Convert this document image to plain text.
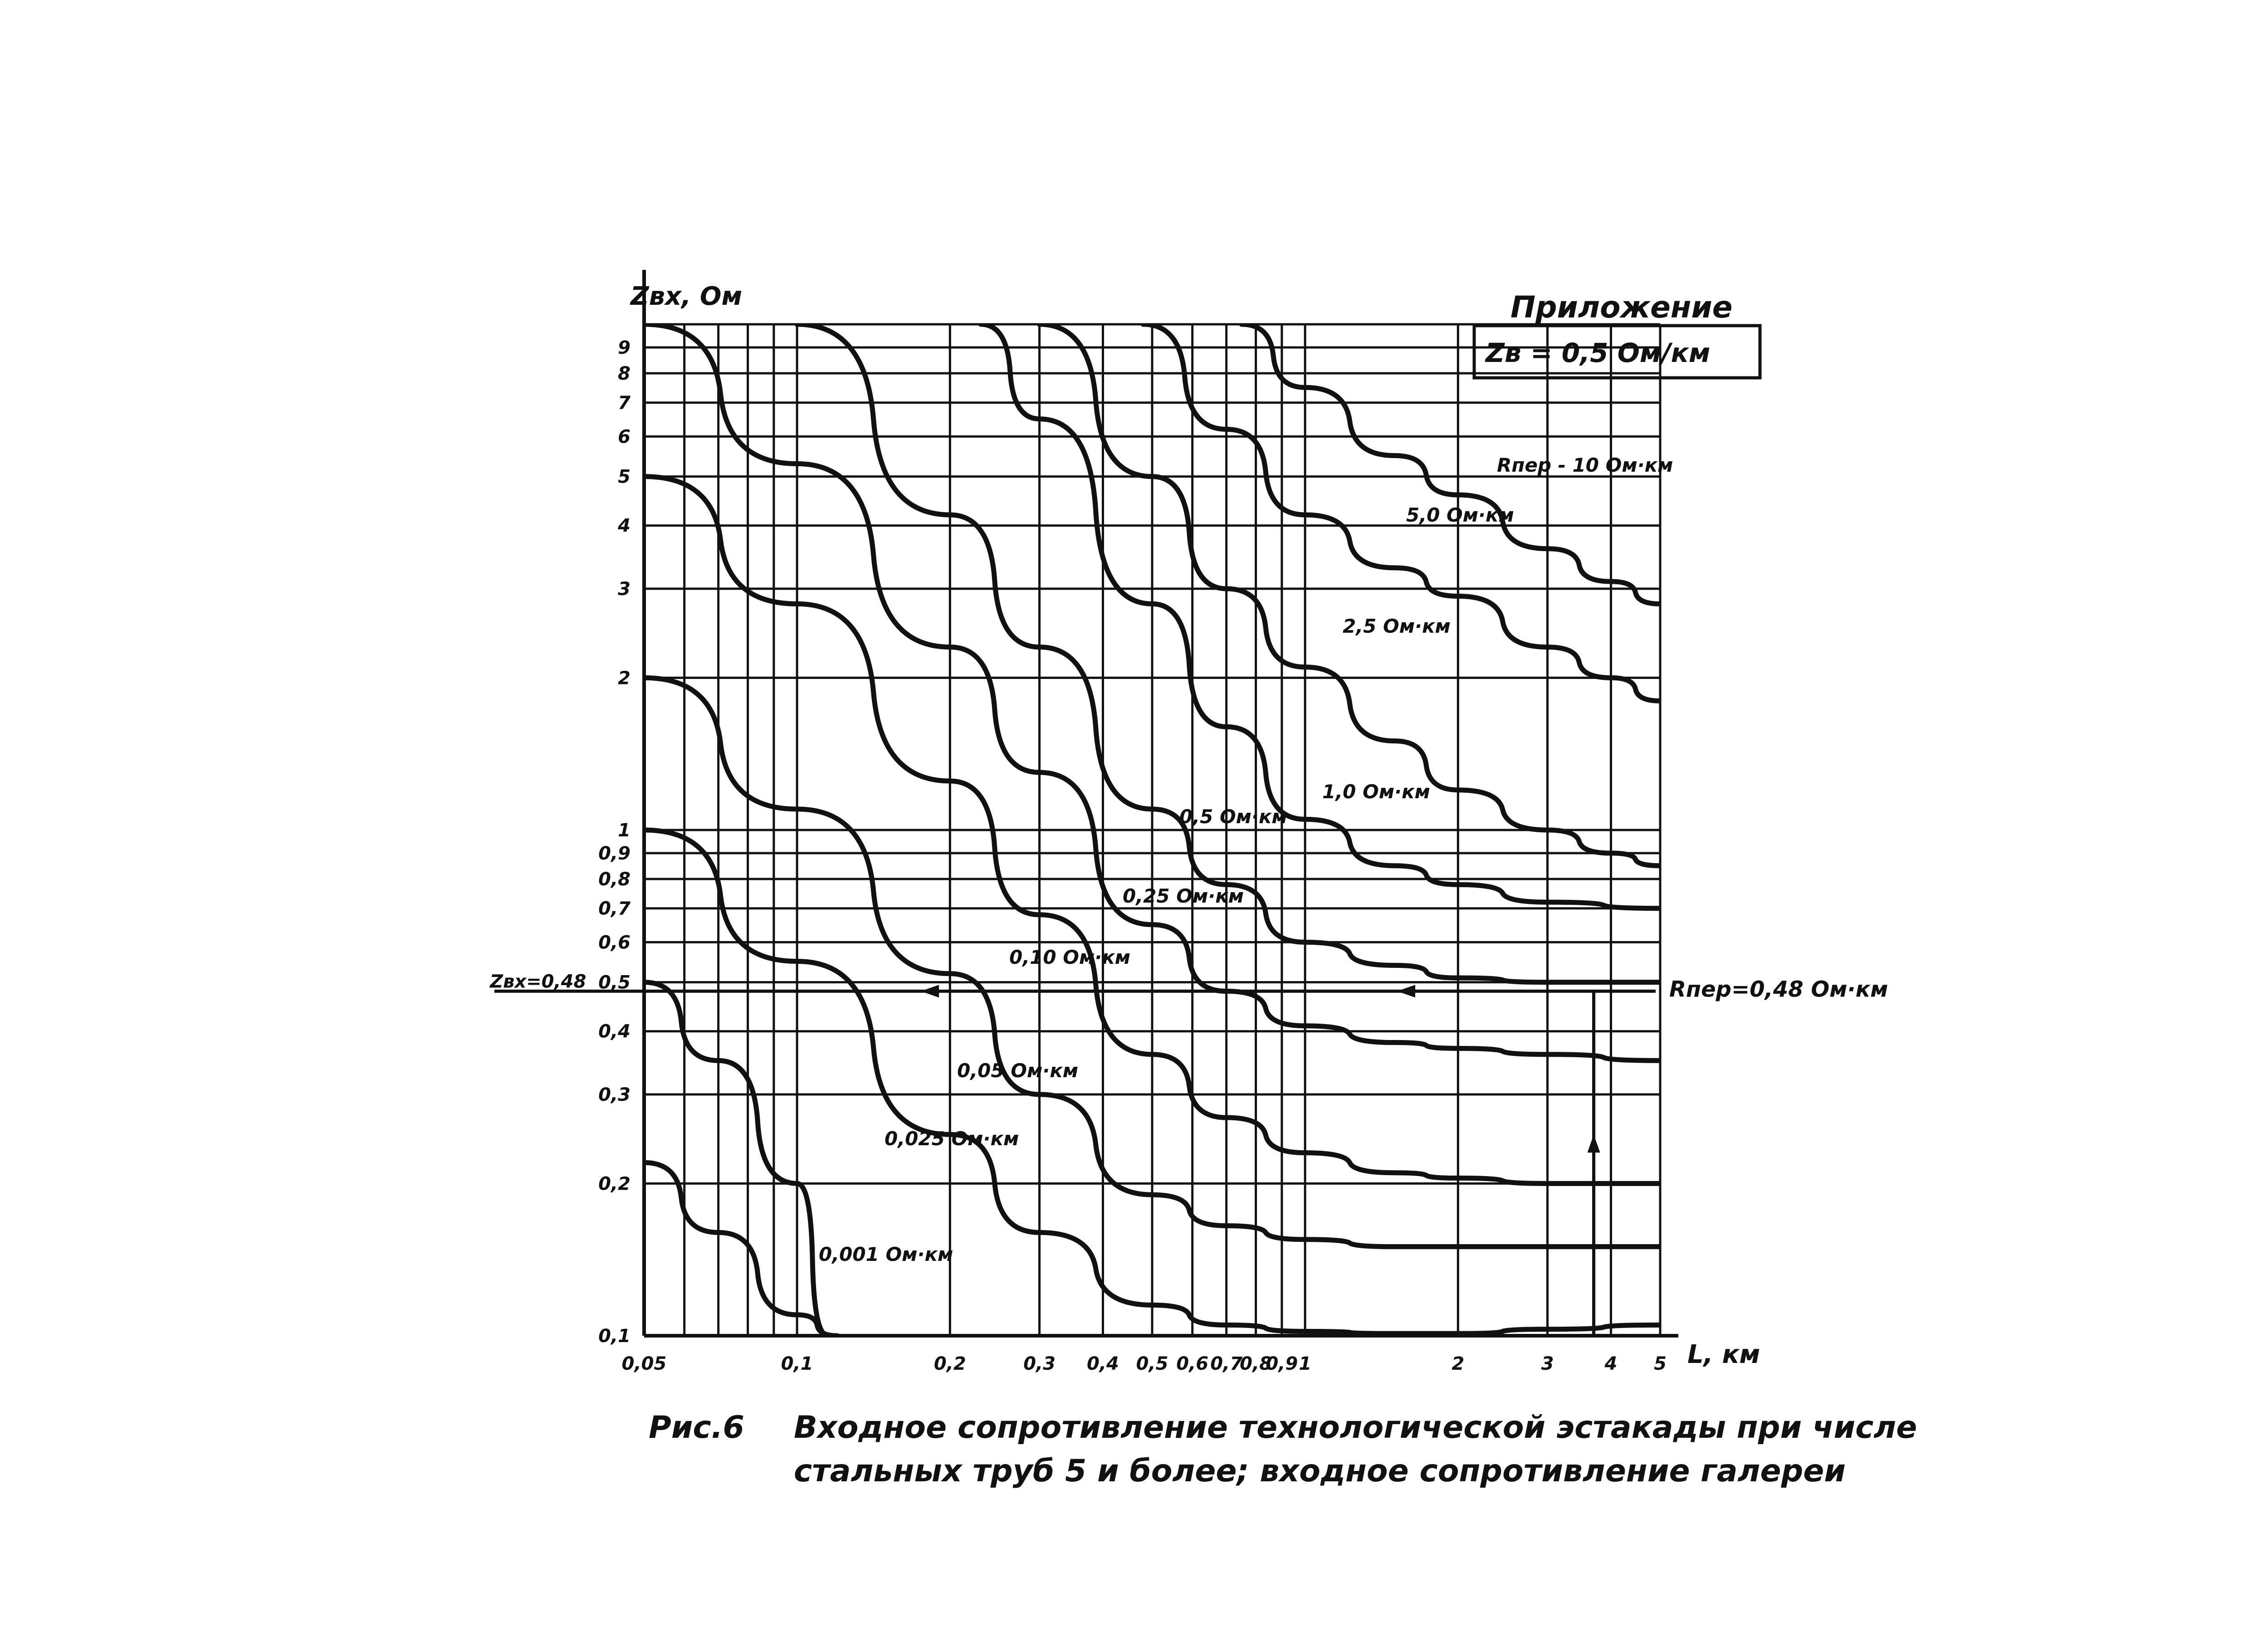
Zвх, Ом	Приложение
Zв = 0,5 Ом/км
0,05	0,1	0,2	0,3 0,4 0,5 0,6 0,7
0,8
0,9 1	2	3	4 5
0,1
0,2
0,3
0,4
0,5
0,6
0,7
0,8
0,9
1
2
3
4
5
6
7
8
9
Zвх=0,48	Rпер=0,48 Ом·км
Rпер - 10 Ом·км
5,0 Ом·км
2,5 Ом·км
1,0 Ом·км
0,5 Ом·км
0,25 Ом·км
0,10 Ом·км
0,05 Ом·км
0,025 Ом·км
0,001 Ом·км
L, км
Рис.6 Входное сопротивление технологической эстакады при числе
стальных труб 5 и более; входное сопротивление галереи
